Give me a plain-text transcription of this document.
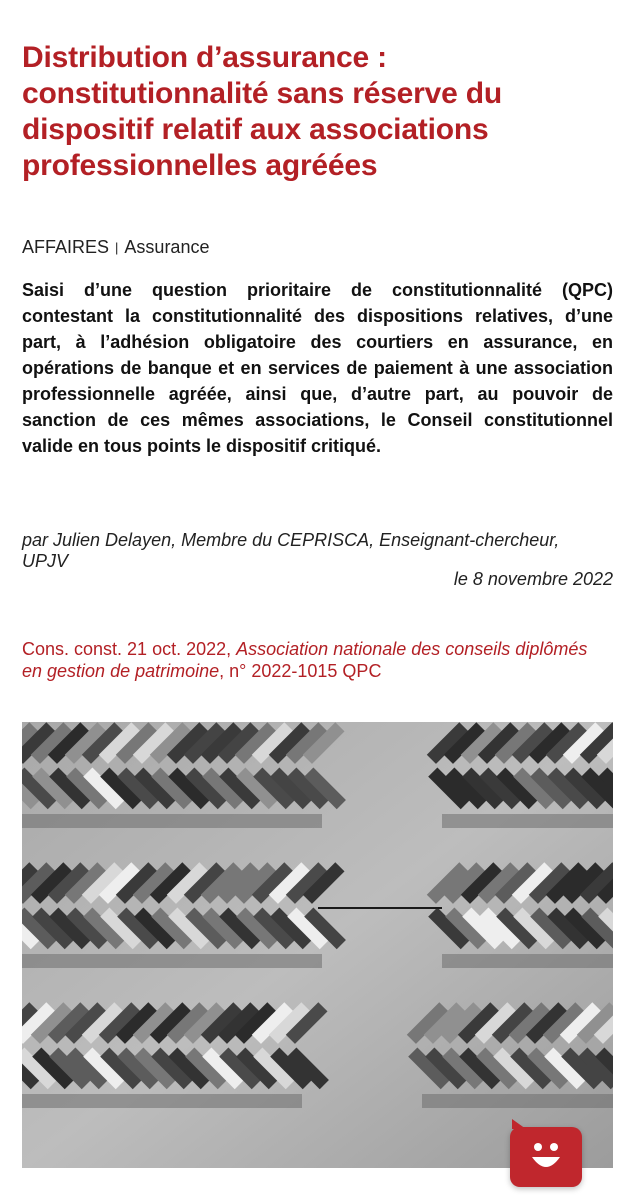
Distribution d’assurance : constitutionnalité sans réserve du dispositif relatif aux associations professionnelles agréées
AFFAIRES | Assurance

Saisi d’une question prioritaire de constitutionnalité (QPC) contestant la constitutionnalité des dispositions relatives, d’une part, à l’adhésion obligatoire des courtiers en assurance, en opérations de banque et en services de paiement à une association professionnelle agréée, ainsi que, d’autre part, au pouvoir de sanction de ces mêmes associations, le Conseil constitutionnel valide en tous points le dispositif critiqué.

par Julien Delayen, Membre du CEPRISCA, Enseignant-chercheur, UPJV
le 8 novembre 2022
Cons. const. 21 oct. 2022, Association nationale des conseils diplômés en gestion de patrimoine, n° 2022-1015 QPC
